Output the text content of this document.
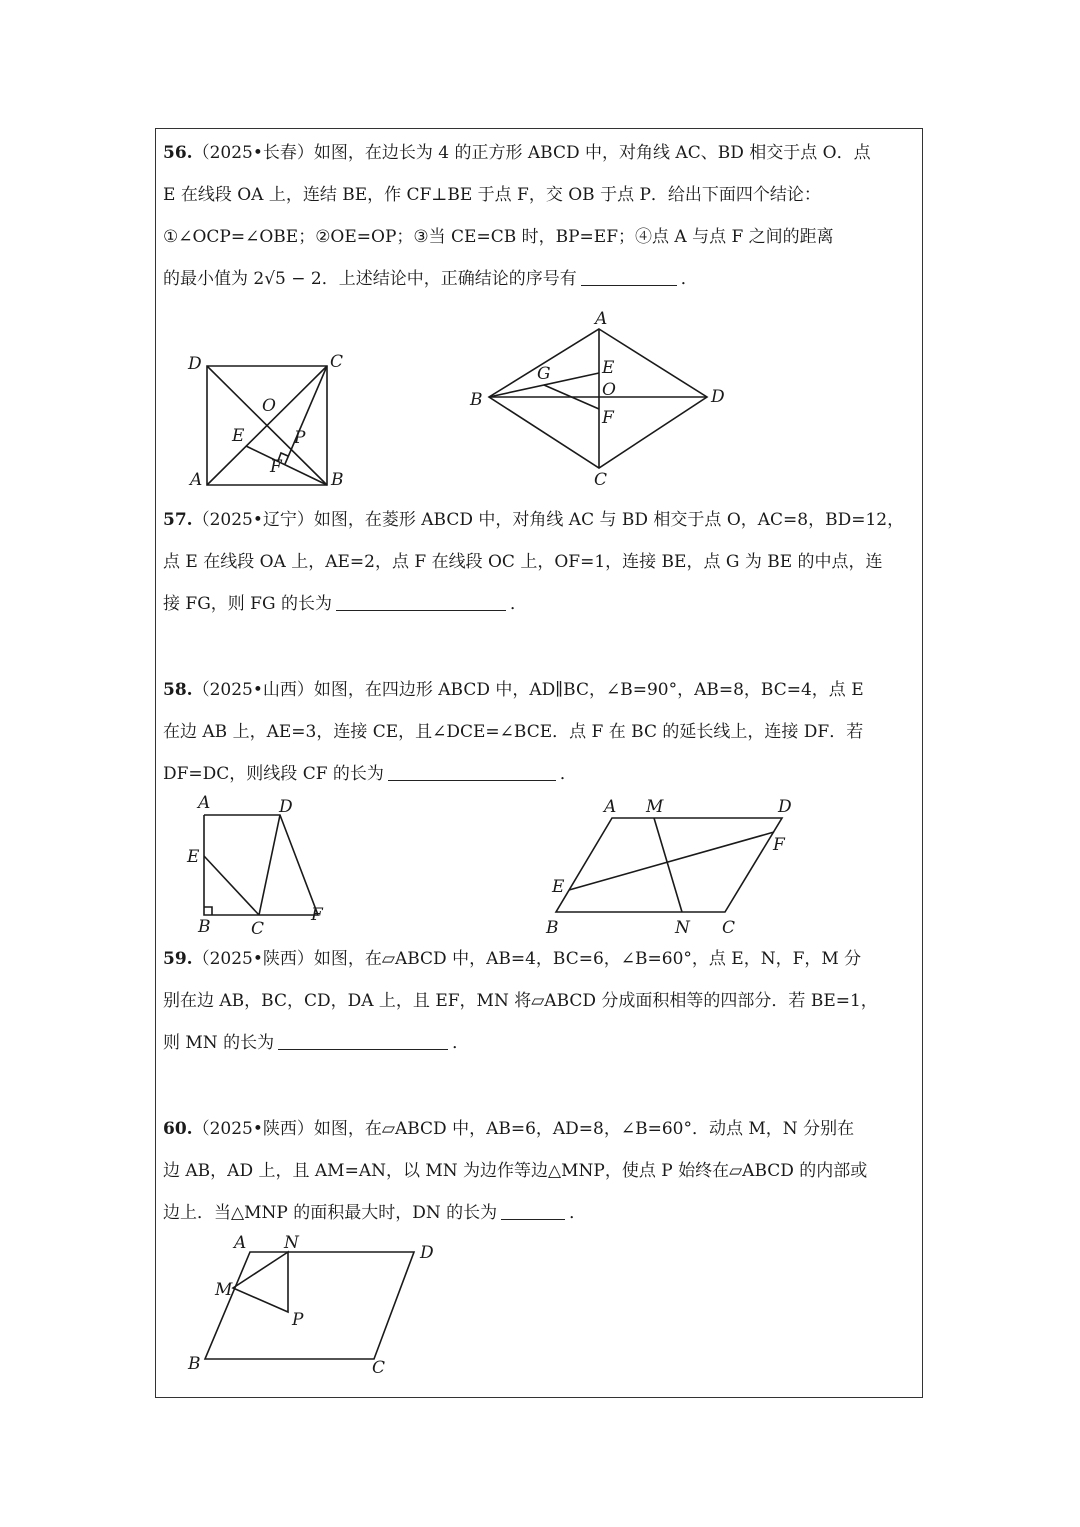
56.（2025•长春）如图，在边长为 4 的正方形 ABCD 中，对角线 AC、BD 相交于点 O．点
E 在线段 OA 上，连结 BE，作 CF⊥BE 于点 F，交 OB 于点 P．给出下面四个结论：
①∠OCP=∠OBE；②OE=OP；③当 CE=CB 时，BP=EF；④点 A 与点 F 之间的距离
的最小值为 2√5 − 2．上述结论中，正确结论的序号有	．
D	C
O
E	P
F
A	B
A
G	E
O
B	D
F
C
57.（2025•辽宁）如图，在菱形 ABCD 中，对角线 AC 与 BD 相交于点 O，AC=8，BD=12，
点 E 在线段 OA 上，AE=2，点 F 在线段 OC 上，OF=1，连接 BE，点 G 为 BE 的中点，连
接 FG，则 FG 的长为	．
58.（2025•山西）如图，在四边形 ABCD 中，AD∥BC，∠B=90°，AB=8，BC=4，点 E
在边 AB 上，AE=3，连接 CE，且∠DCE=∠BCE．点 F 在 BC 的延长线上，连接 DF．若
DF=DC，则线段 CF 的长为	．
A	D
E
B C
F
A M	D
F
E
B	N C
59.（2025•陕西）如图，在▱ABCD 中，AB=4，BC=6，∠B=60°，点 E，N，F，M 分
别在边 AB，BC，CD，DA 上，且 EF，MN 将▱ABCD 分成面积相等的四部分．若 BE=1，
则 MN 的长为	．
60.（2025•陕西）如图，在▱ABCD 中，AB=6，AD=8，∠B=60°．动点 M，N 分别在
边 AB，AD 上，且 AM=AN，以 MN 为边作等边△MNP，使点 P 始终在▱ABCD 的内部或
边上．当△MNP 的面积最大时，DN 的长为	．
A N	D
M
P
B	C
